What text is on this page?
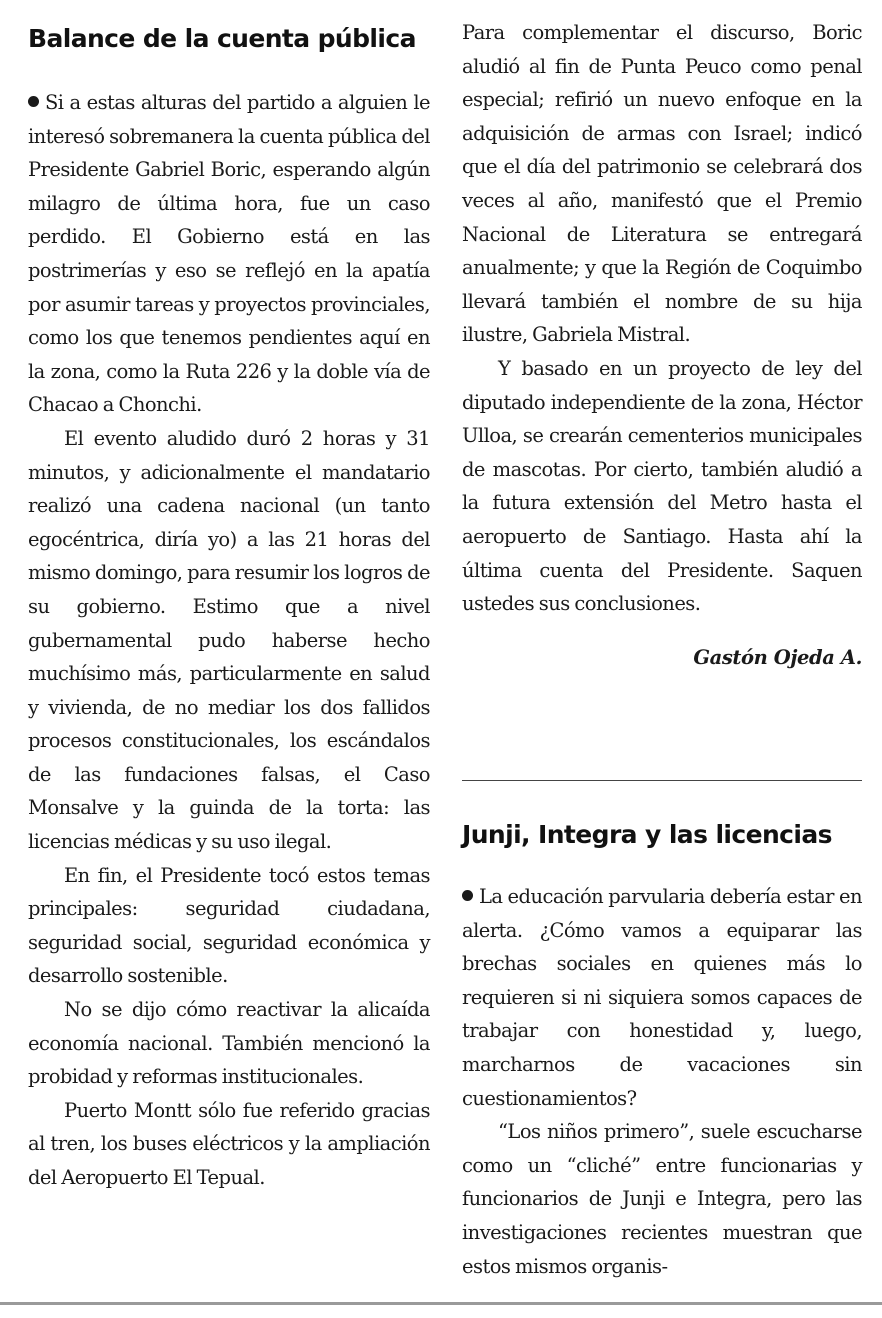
Balance de la cuenta pública

Si a estas alturas del partido a alguien le interesó sobremanera la cuenta pública del Presidente Gabriel Boric, esperando algún milagro de última hora, fue un caso perdido. El Gobierno está en las postrimerías y eso se reflejó en la apatía por asumir tareas y proyectos provinciales, como los que tenemos pendientes aquí en la zona, como la Ruta 226 y la doble vía de Chacao a Chonchi.

El evento aludido duró 2 horas y 31 minutos, y adicionalmente el mandatario realizó una cadena nacional (un tanto egocéntrica, diría yo) a las 21 horas del mismo domingo, para resumir los logros de su gobierno. Estimo que a nivel gubernamental pudo haberse hecho muchísimo más, particularmente en salud y vivienda, de no mediar los dos fallidos procesos constitucionales, los escándalos de las fundaciones falsas, el Caso Monsalve y la guinda de la torta: las licencias médicas y su uso ilegal.

En fin, el Presidente tocó estos temas principales: seguridad ciudadana, seguridad social, seguridad económica y desarrollo sostenible.

No se dijo cómo reactivar la alicaída economía nacional. También mencionó la probidad y reformas institucionales.

Puerto Montt sólo fue referido gracias al tren, los buses eléctricos y la ampliación del Aeropuerto El Tepual.

Para complementar el discurso, Boric aludió al fin de Punta Peuco como penal especial; refirió un nuevo enfoque en la adquisición de armas con Israel; indicó que el día del patrimonio se celebrará dos veces al año, manifestó que el Premio Nacional de Literatura se entregará anualmente; y que la Región de Coquimbo llevará también el nombre de su hija ilustre, Gabriela Mistral.

Y basado en un proyecto de ley del diputado independiente de la zona, Héctor Ulloa, se crearán cementerios municipales de mascotas. Por cierto, también aludió a la futura extensión del Metro hasta el aeropuerto de Santiago. Hasta ahí la última cuenta del Presidente. Saquen ustedes sus conclusiones.

Gastón Ojeda A.
Junji, Integra y las licencias

La educación parvularia debería estar en alerta. ¿Cómo vamos a equiparar las brechas sociales en quienes más lo requieren si ni siquiera somos capaces de trabajar con honestidad y, luego, marcharnos de vacaciones sin cuestionamientos?

“Los niños primero”, suele escucharse como un “cliché” entre funcionarias y funcionarios de Junji e Integra, pero las investigaciones recientes muestran que estos mismos organis-
